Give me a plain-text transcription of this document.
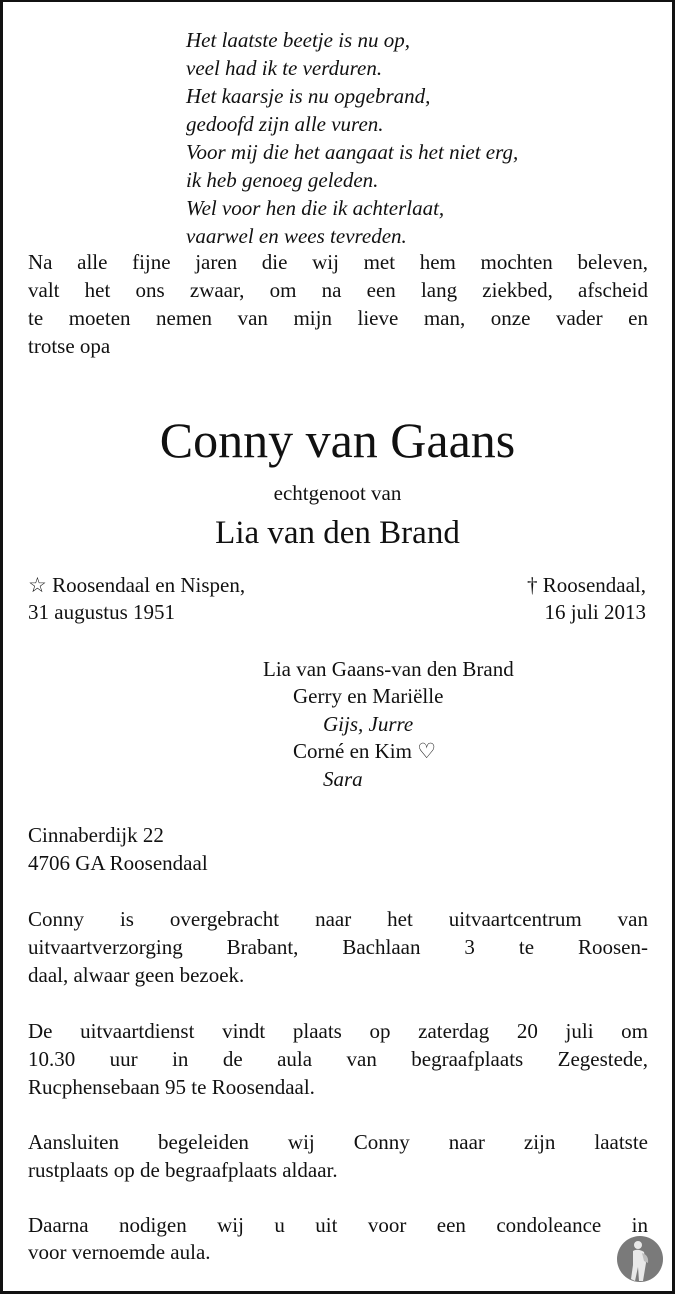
Het laatste beetje is nu op,
veel had ik te verduren.
Het kaarsje is nu opgebrand,
gedoofd zijn alle vuren.
Voor mij die het aangaat is het niet erg,
ik heb genoeg geleden.
Wel voor hen die ik achterlaat,
vaarwel en wees tevreden.
Na alle fijne jaren die wij met hem mochten beleven,
valt het ons zwaar, om na een lang ziekbed, afscheid
te moeten nemen van mijn lieve man, onze vader en
trotse opa
Conny van Gaans
echtgenoot van
Lia van den Brand
☆ Roosendaal en Nispen,
31 augustus 1951
† Roosendaal,
16 juli 2013
Lia van Gaans-van den Brand
Gerry en Mariëlle
Gijs, Jurre
Corné en Kim ♡
Sara
Cinnaberdijk 22
4706 GA Roosendaal
Conny is overgebracht naar het uitvaartcentrum van
uitvaartverzorging Brabant, Bachlaan 3 te Roosen-
daal, alwaar geen bezoek.
De uitvaartdienst vindt plaats op zaterdag 20 juli om
10.30 uur in de aula van begraafplaats Zegestede,
Rucphensebaan 95 te Roosendaal.
Aansluiten begeleiden wij Conny naar zijn laatste
rustplaats op de begraafplaats aldaar.
Daarna nodigen wij u uit voor een condoleance in
voor vernoemde aula.
